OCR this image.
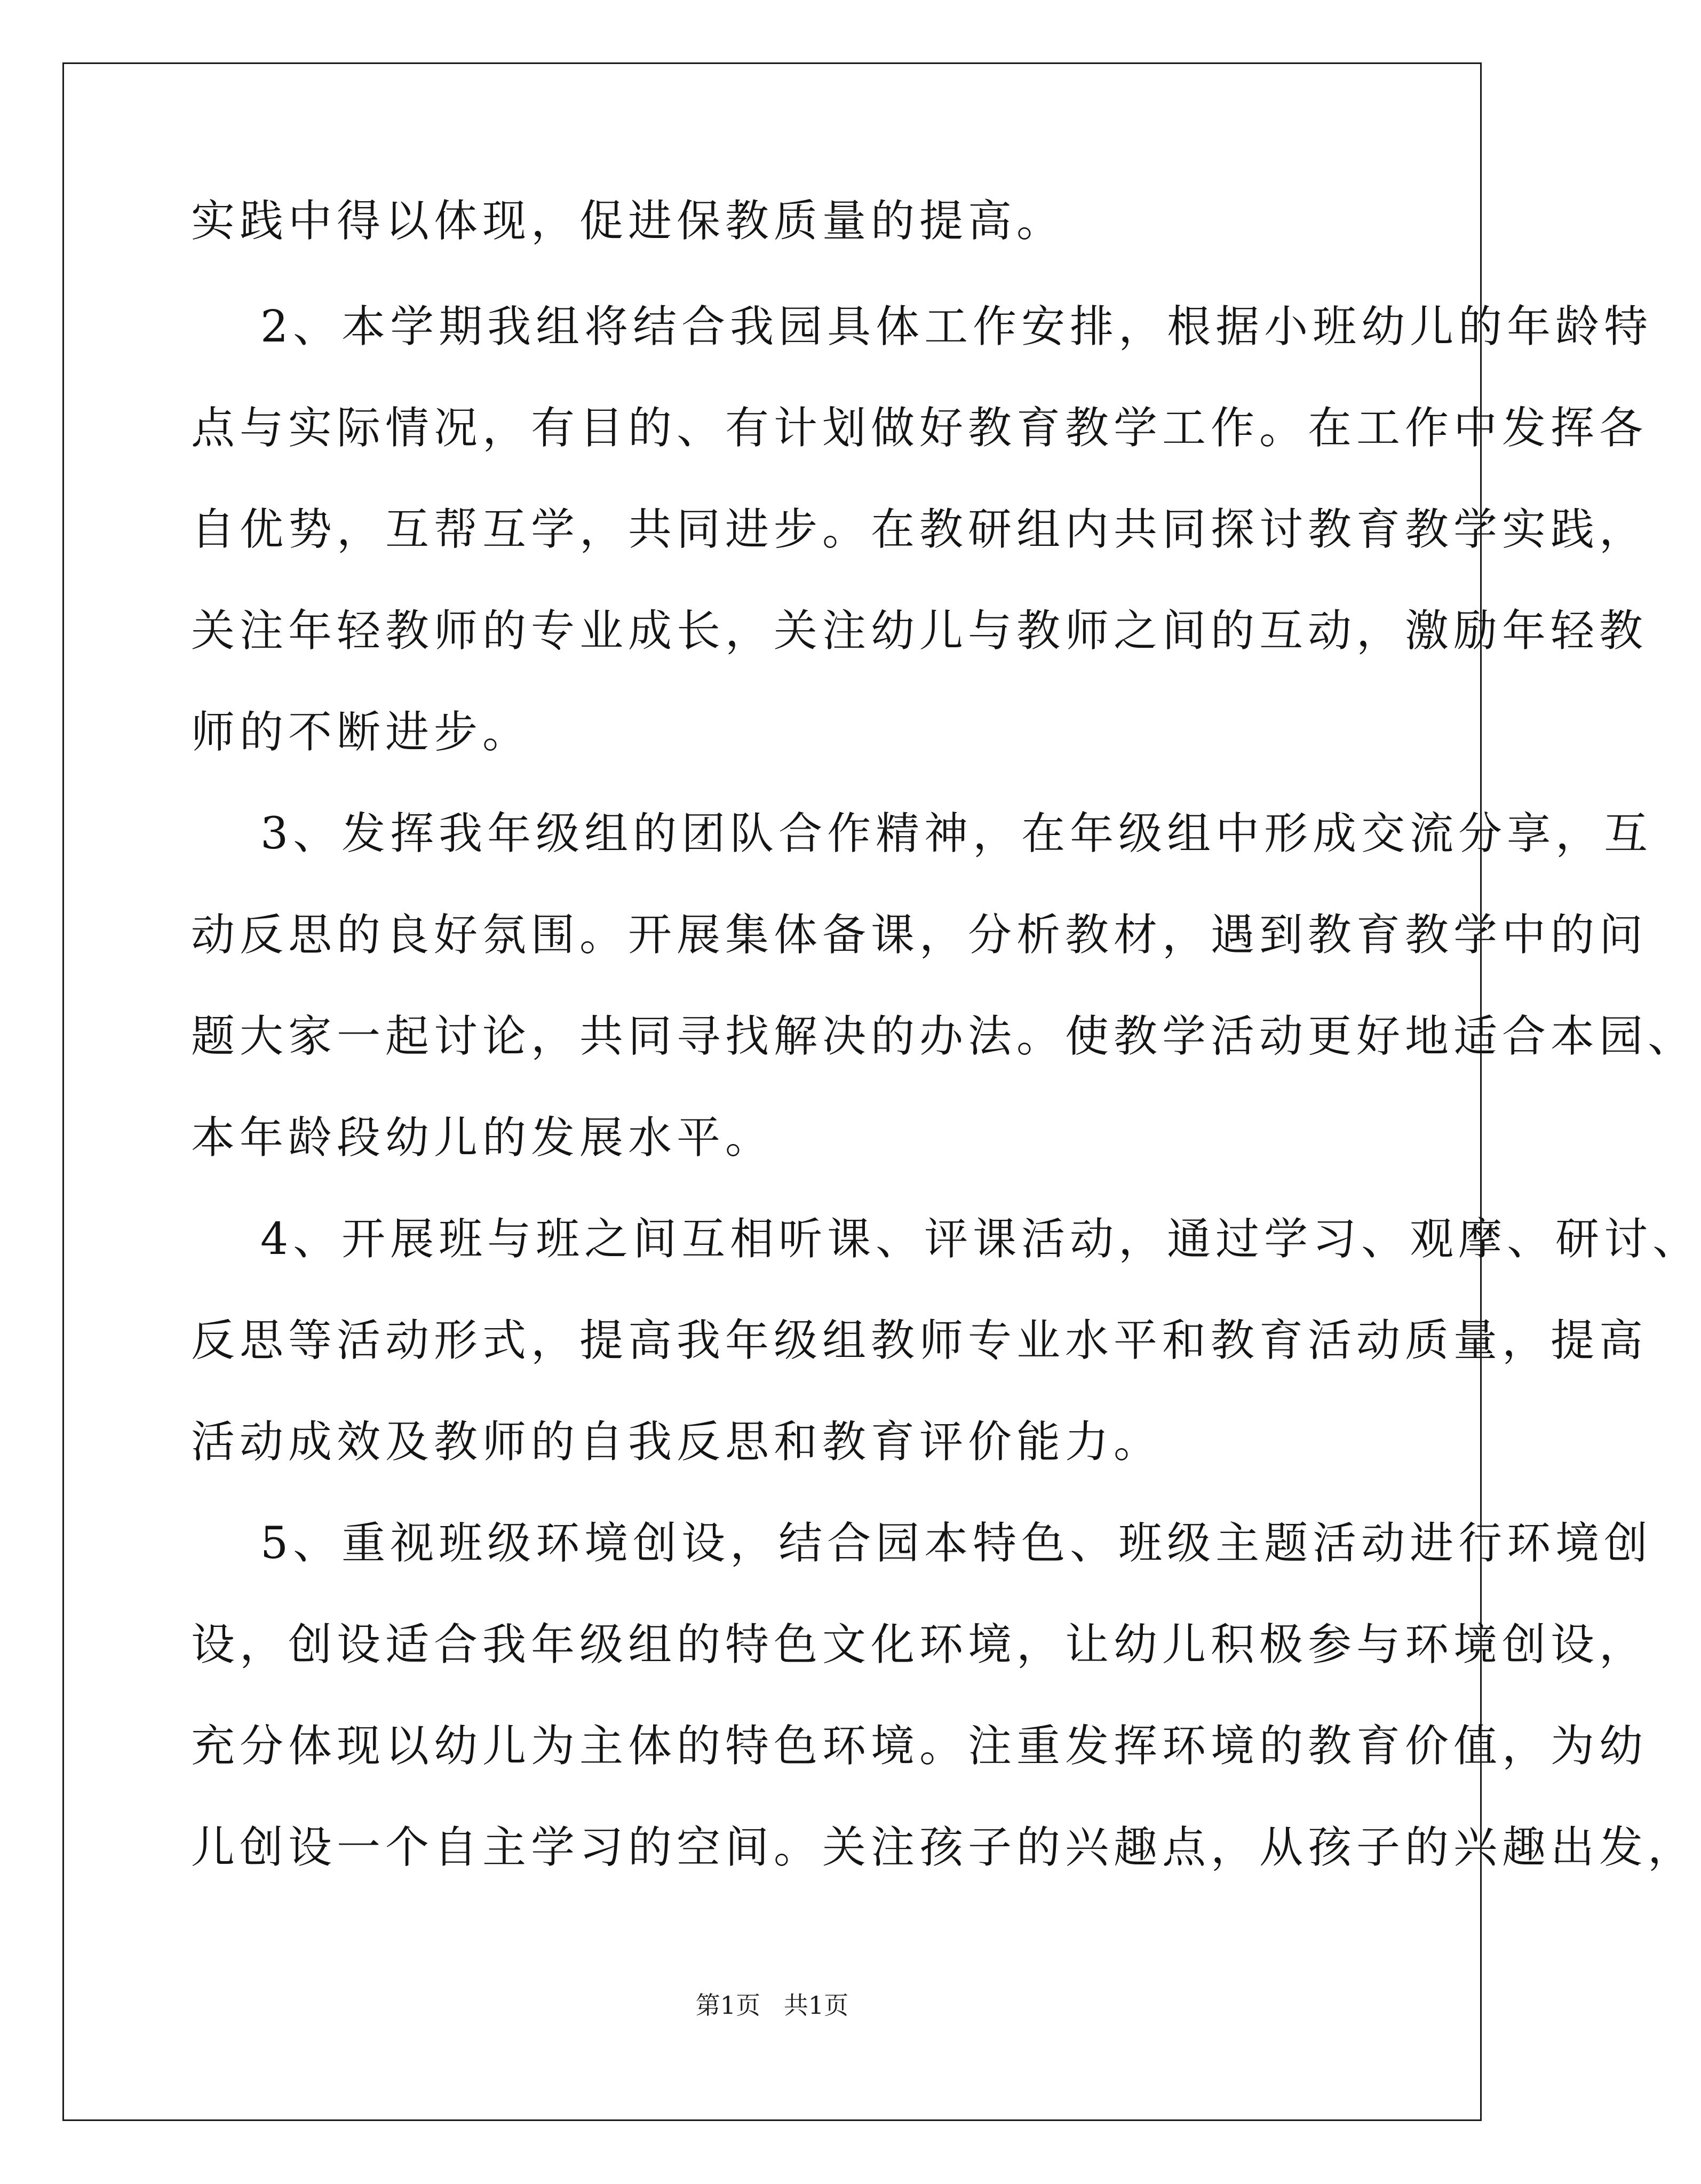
实践中得以体现，促进保教质量的提高。
2、本学期我组将结合我园具体工作安排，根据小班幼儿的年龄特
点与实际情况，有目的、有计划做好教育教学工作。在工作中发挥各
自优势，互帮互学，共同进步。在教研组内共同探讨教育教学实践，
关注年轻教师的专业成长，关注幼儿与教师之间的互动，激励年轻教
师的不断进步。
3、发挥我年级组的团队合作精神，在年级组中形成交流分享，互
动反思的良好氛围。开展集体备课，分析教材，遇到教育教学中的问
题大家一起讨论，共同寻找解决的办法。使教学活动更好地适合本园、
本年龄段幼儿的发展水平。
4、开展班与班之间互相听课、评课活动，通过学习、观摩、研讨、
反思等活动形式，提高我年级组教师专业水平和教育活动质量，提高
活动成效及教师的自我反思和教育评价能力。
5、重视班级环境创设，结合园本特色、班级主题活动进行环境创
设，创设适合我年级组的特色文化环境，让幼儿积极参与环境创设，
充分体现以幼儿为主体的特色环境。注重发挥环境的教育价值，为幼
儿创设一个自主学习的空间。关注孩子的兴趣点，从孩子的兴趣出发，
第1页   共1页
